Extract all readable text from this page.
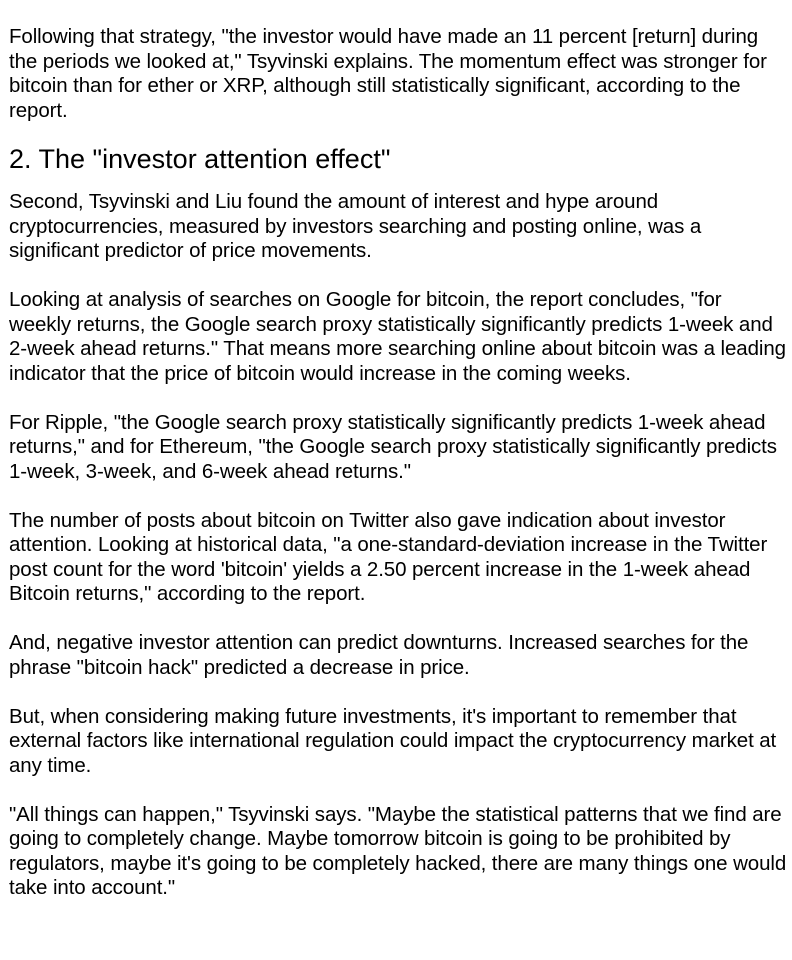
Following that strategy, "the investor would have made an 11 percent [return] during the periods we looked at," Tsyvinski explains. The momentum effect was stronger for bitcoin than for ether or XRP, although still statistically significant, according to the report.

2. The "investor attention effect"

Second, Tsyvinski and Liu found the amount of interest and hype around cryptocurrencies, measured by investors searching and posting online, was a significant predictor of price movements.

Looking at analysis of searches on Google for bitcoin, the report concludes, "for weekly returns, the Google search proxy statistically significantly predicts 1-week and 2-week ahead returns." That means more searching online about bitcoin was a leading indicator that the price of bitcoin would increase in the coming weeks.

For Ripple, "the Google search proxy statistically significantly predicts 1-week ahead returns," and for Ethereum, "the Google search proxy statistically significantly predicts 1-week, 3-week, and 6-week ahead returns."

The number of posts about bitcoin on Twitter also gave indication about investor attention. Looking at historical data, "a one-standard-deviation increase in the Twitter post count for the word 'bitcoin' yields a 2.50 percent increase in the 1-week ahead Bitcoin returns," according to the report.

And, negative investor attention can predict downturns. Increased searches for the phrase "bitcoin hack" predicted a decrease in price.

But, when considering making future investments, it's important to remember that external factors like international regulation could impact the cryptocurrency market at any time.

"All things can happen," Tsyvinski says. "Maybe the statistical patterns that we find are going to completely change. Maybe tomorrow bitcoin is going to be prohibited by regulators, maybe it's going to be completely hacked, there are many things one would take into account."
